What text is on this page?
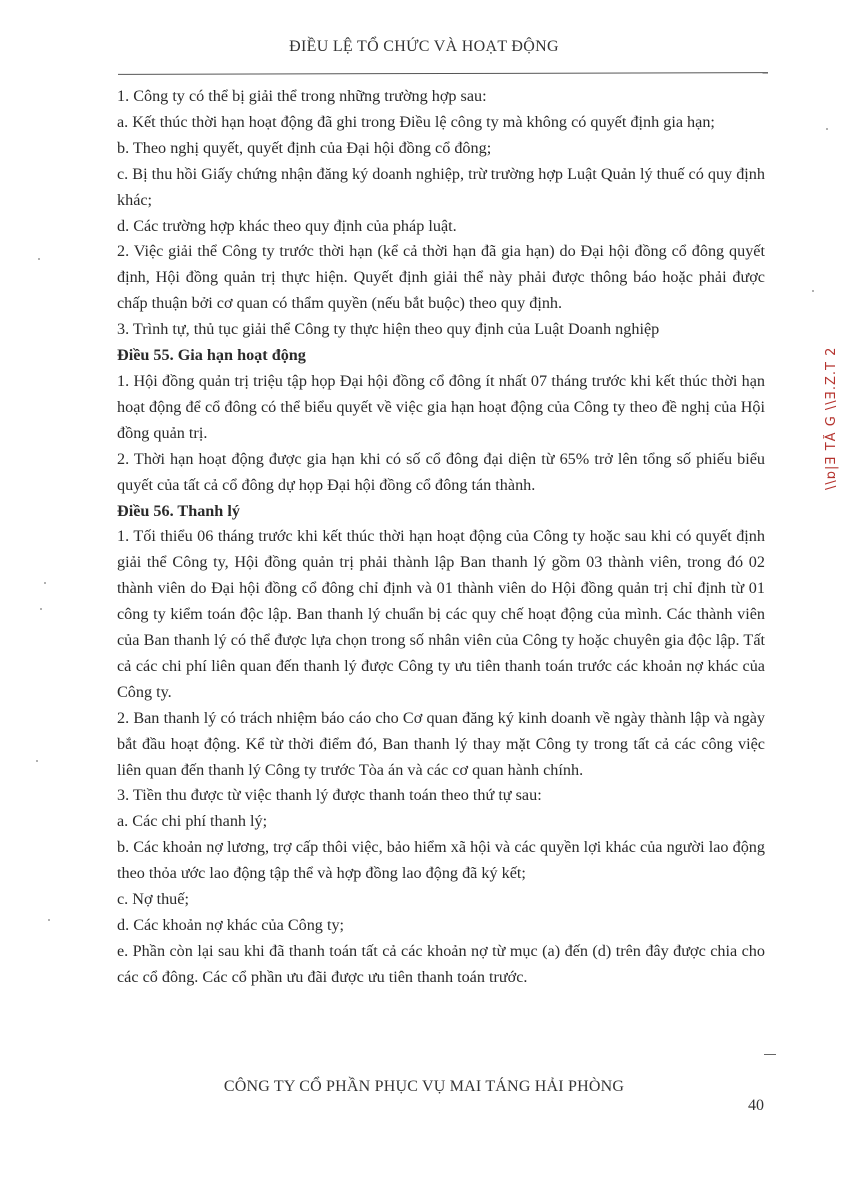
ĐIỀU LỆ TỔ CHỨC VÀ HOẠT ĐỘNG

1. Công ty có thể bị giải thể trong những trường hợp sau:

a. Kết thúc thời hạn hoạt động đã ghi trong Điều lệ công ty mà không có quyết định gia hạn;

b. Theo nghị quyết, quyết định của Đại hội đồng cổ đông;

c. Bị thu hồi Giấy chứng nhận đăng ký doanh nghiệp, trừ trường hợp Luật Quản lý thuế có quy định khác;

d. Các trường hợp khác theo quy định của pháp luật.

2. Việc giải thể Công ty trước thời hạn (kể cả thời hạn đã gia hạn) do Đại hội đồng cổ đông quyết định, Hội đồng quản trị thực hiện. Quyết định giải thể này phải được thông báo hoặc phải được chấp thuận bởi cơ quan có thẩm quyền (nếu bắt buộc) theo quy định.

3. Trình tự, thủ tục giải thể Công ty thực hiện theo quy định của Luật Doanh nghiệp

Điều 55. Gia hạn hoạt động

1. Hội đồng quản trị triệu tập họp Đại hội đồng cổ đông ít nhất 07 tháng trước khi kết thúc thời hạn hoạt động để cổ đông có thể biểu quyết về việc gia hạn hoạt động của Công ty theo đề nghị của Hội đồng quản trị.

2. Thời hạn hoạt động được gia hạn khi có số cổ đông đại diện từ 65% trở lên tổng số phiếu biểu quyết của tất cả cổ đông dự họp Đại hội đồng cổ đông tán thành.

Điều 56. Thanh lý

1. Tối thiểu 06 tháng trước khi kết thúc thời hạn hoạt động của Công ty hoặc sau khi có quyết định giải thể Công ty, Hội đồng quản trị phải thành lập Ban thanh lý gồm 03 thành viên, trong đó 02 thành viên do Đại hội đồng cổ đông chỉ định và 01 thành viên do Hội đồng quản trị chỉ định từ 01 công ty kiểm toán độc lập. Ban thanh lý chuẩn bị các quy chế hoạt động của mình. Các thành viên của Ban thanh lý có thể được lựa chọn trong số nhân viên của Công ty hoặc chuyên gia độc lập. Tất cả các chi phí liên quan đến thanh lý được Công ty ưu tiên thanh toán trước các khoản nợ khác của Công ty.

2. Ban thanh lý có trách nhiệm báo cáo cho Cơ quan đăng ký kinh doanh về ngày thành lập và ngày bắt đầu hoạt động. Kể từ thời điểm đó, Ban thanh lý thay mặt Công ty trong tất cả các công việc liên quan đến thanh lý Công ty trước Tòa án và các cơ quan hành chính.

3. Tiền thu được từ việc thanh lý được thanh toán theo thứ tự sau:

a. Các chi phí thanh lý;

b. Các khoản nợ lương, trợ cấp thôi việc, bảo hiểm xã hội và các quyền lợi khác của người lao động theo thỏa ước lao động tập thể và hợp đồng lao động đã ký kết;

c. Nợ thuế;

d. Các khoản nợ khác của Công ty;

e. Phần còn lại sau khi đã thanh toán tất cả các khoản nợ từ mục (a) đến (d) trên đây được chia cho các cổ đông. Các cổ phần ưu đãi được ưu tiên thanh toán trước.

CÔNG TY CỔ PHẦN PHỤC VỤ MAI TÁNG HẢI PHÒNG
40
\\ɒ|Ǝ TĂ G \\Ǝ.Z.T 2
